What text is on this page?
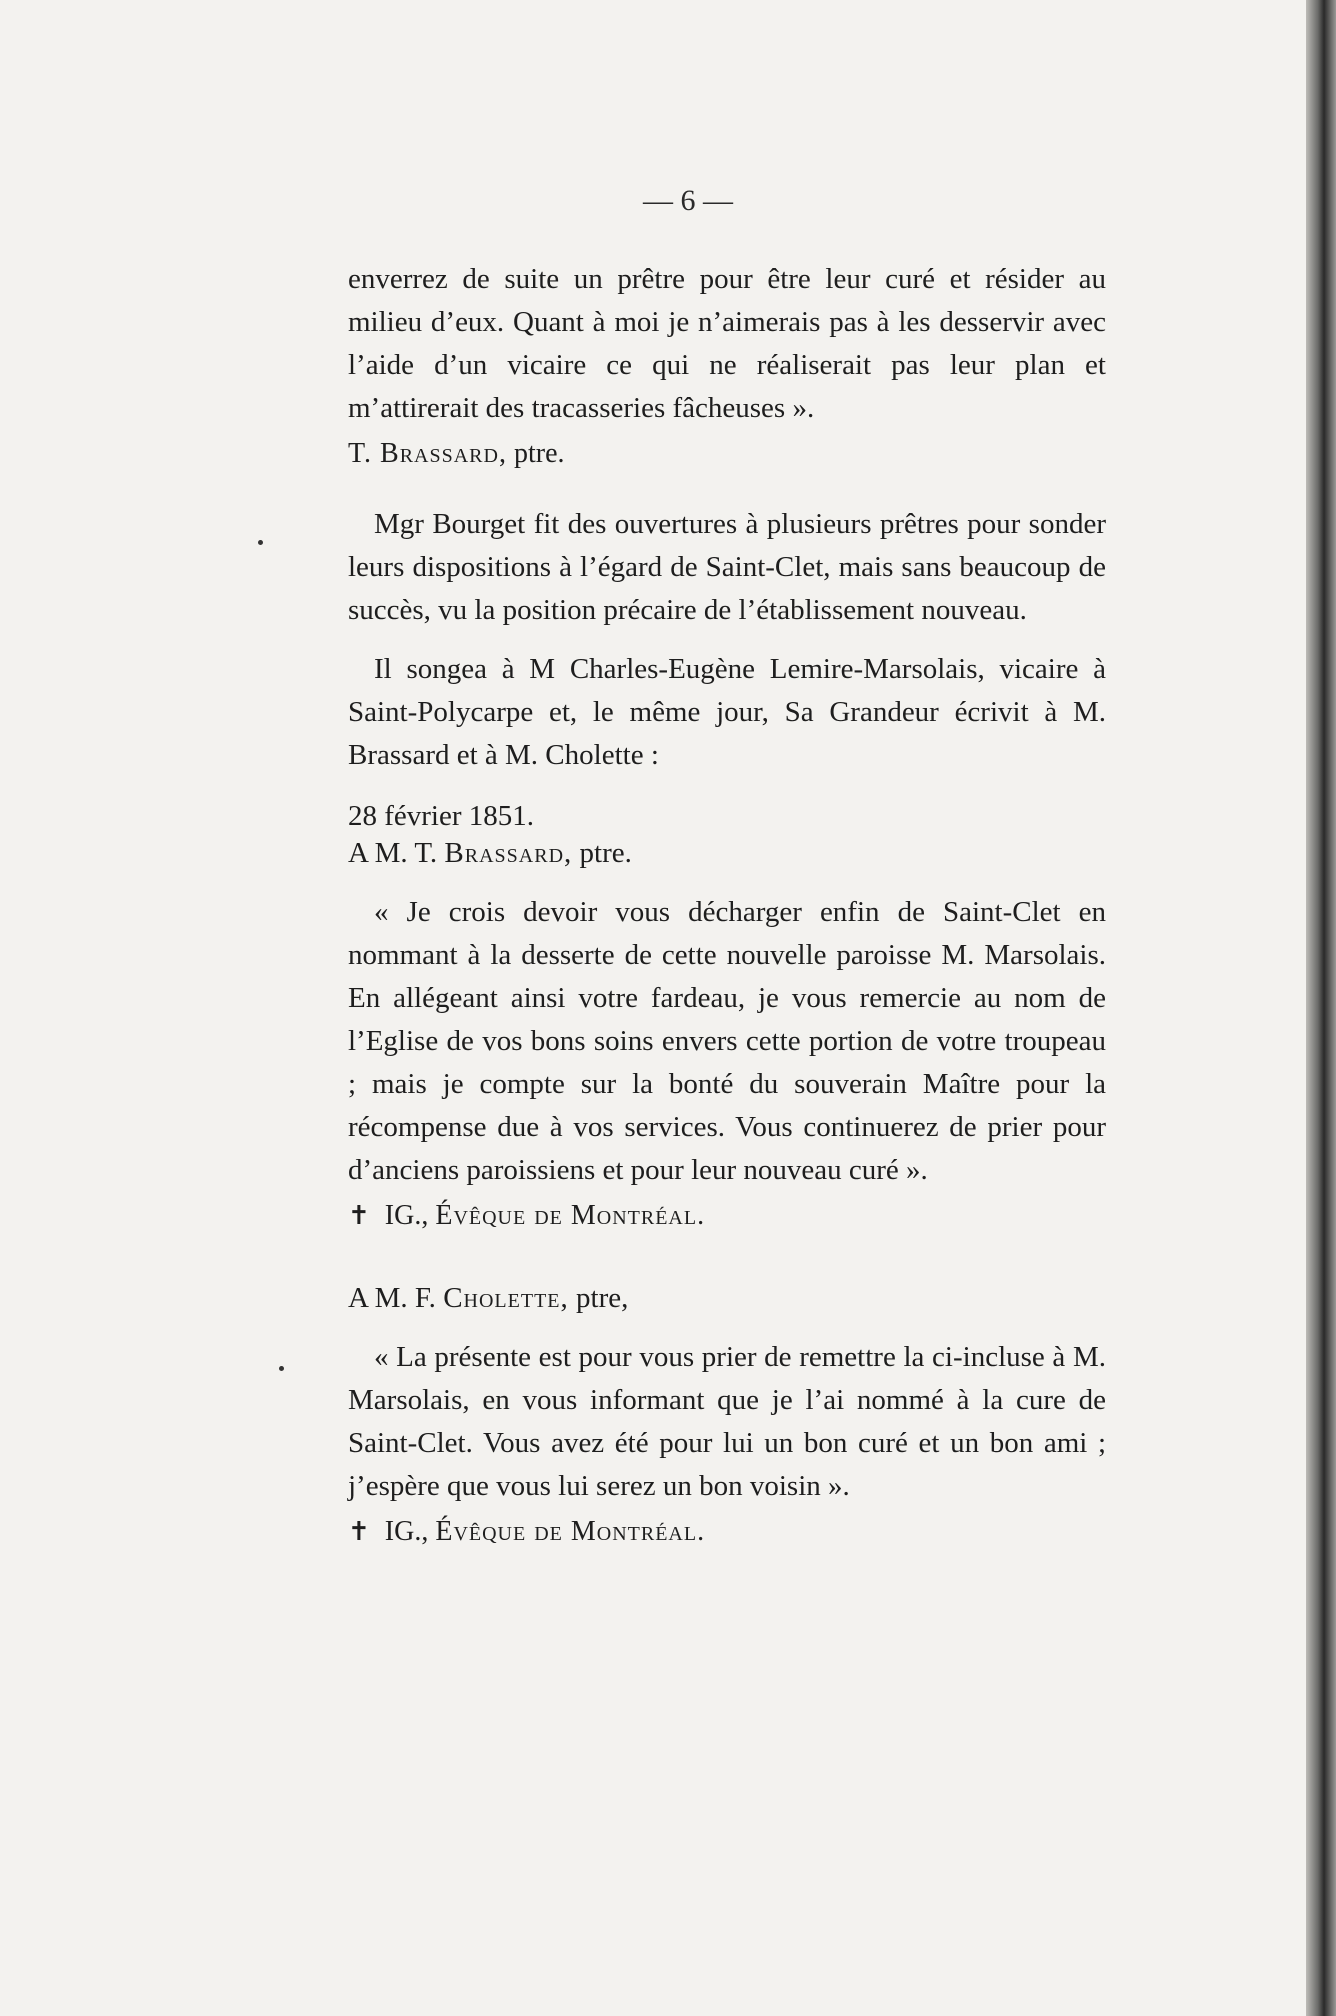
— 6 —

enverrez de suite un prêtre pour être leur curé et résider au milieu d’eux. Quant à moi je n’aimerais pas à les desservir avec l’aide d’un vicaire ce qui ne réaliserait pas leur plan et m’attirerait des tracasseries fâcheuses ».

T. Brassard, ptre.

Mgr Bourget fit des ouvertures à plusieurs prêtres pour sonder leurs dispositions à l’égard de Saint-Clet, mais sans beaucoup de succès, vu la position précaire de l’établissement nouveau.

Il songea à M Charles-Eugène Lemire-Marsolais, vicaire à Saint-Polycarpe et, le même jour, Sa Grandeur écrivit à M. Brassard et à M. Cholette :

28 février 1851.

A M. T. Brassard, ptre.

« Je crois devoir vous décharger enfin de Saint-Clet en nommant à la desserte de cette nouvelle paroisse M. Marsolais. En allégeant ainsi votre fardeau, je vous remercie au nom de l’Eglise de vos bons soins envers cette portion de votre troupeau ; mais je compte sur la bonté du souverain Maître pour la récompense due à vos services. Vous continuerez de prier pour d’anciens paroissiens et pour leur nouveau curé ».

✝ IG., Évêque de Montréal.

A M. F. Cholette, ptre,

« La présente est pour vous prier de remettre la ci-incluse à M. Marsolais, en vous informant que je l’ai nommé à la cure de Saint-Clet. Vous avez été pour lui un bon curé et un bon ami ; j’espère que vous lui serez un bon voisin ».

✝ IG., Évêque de Montréal.
